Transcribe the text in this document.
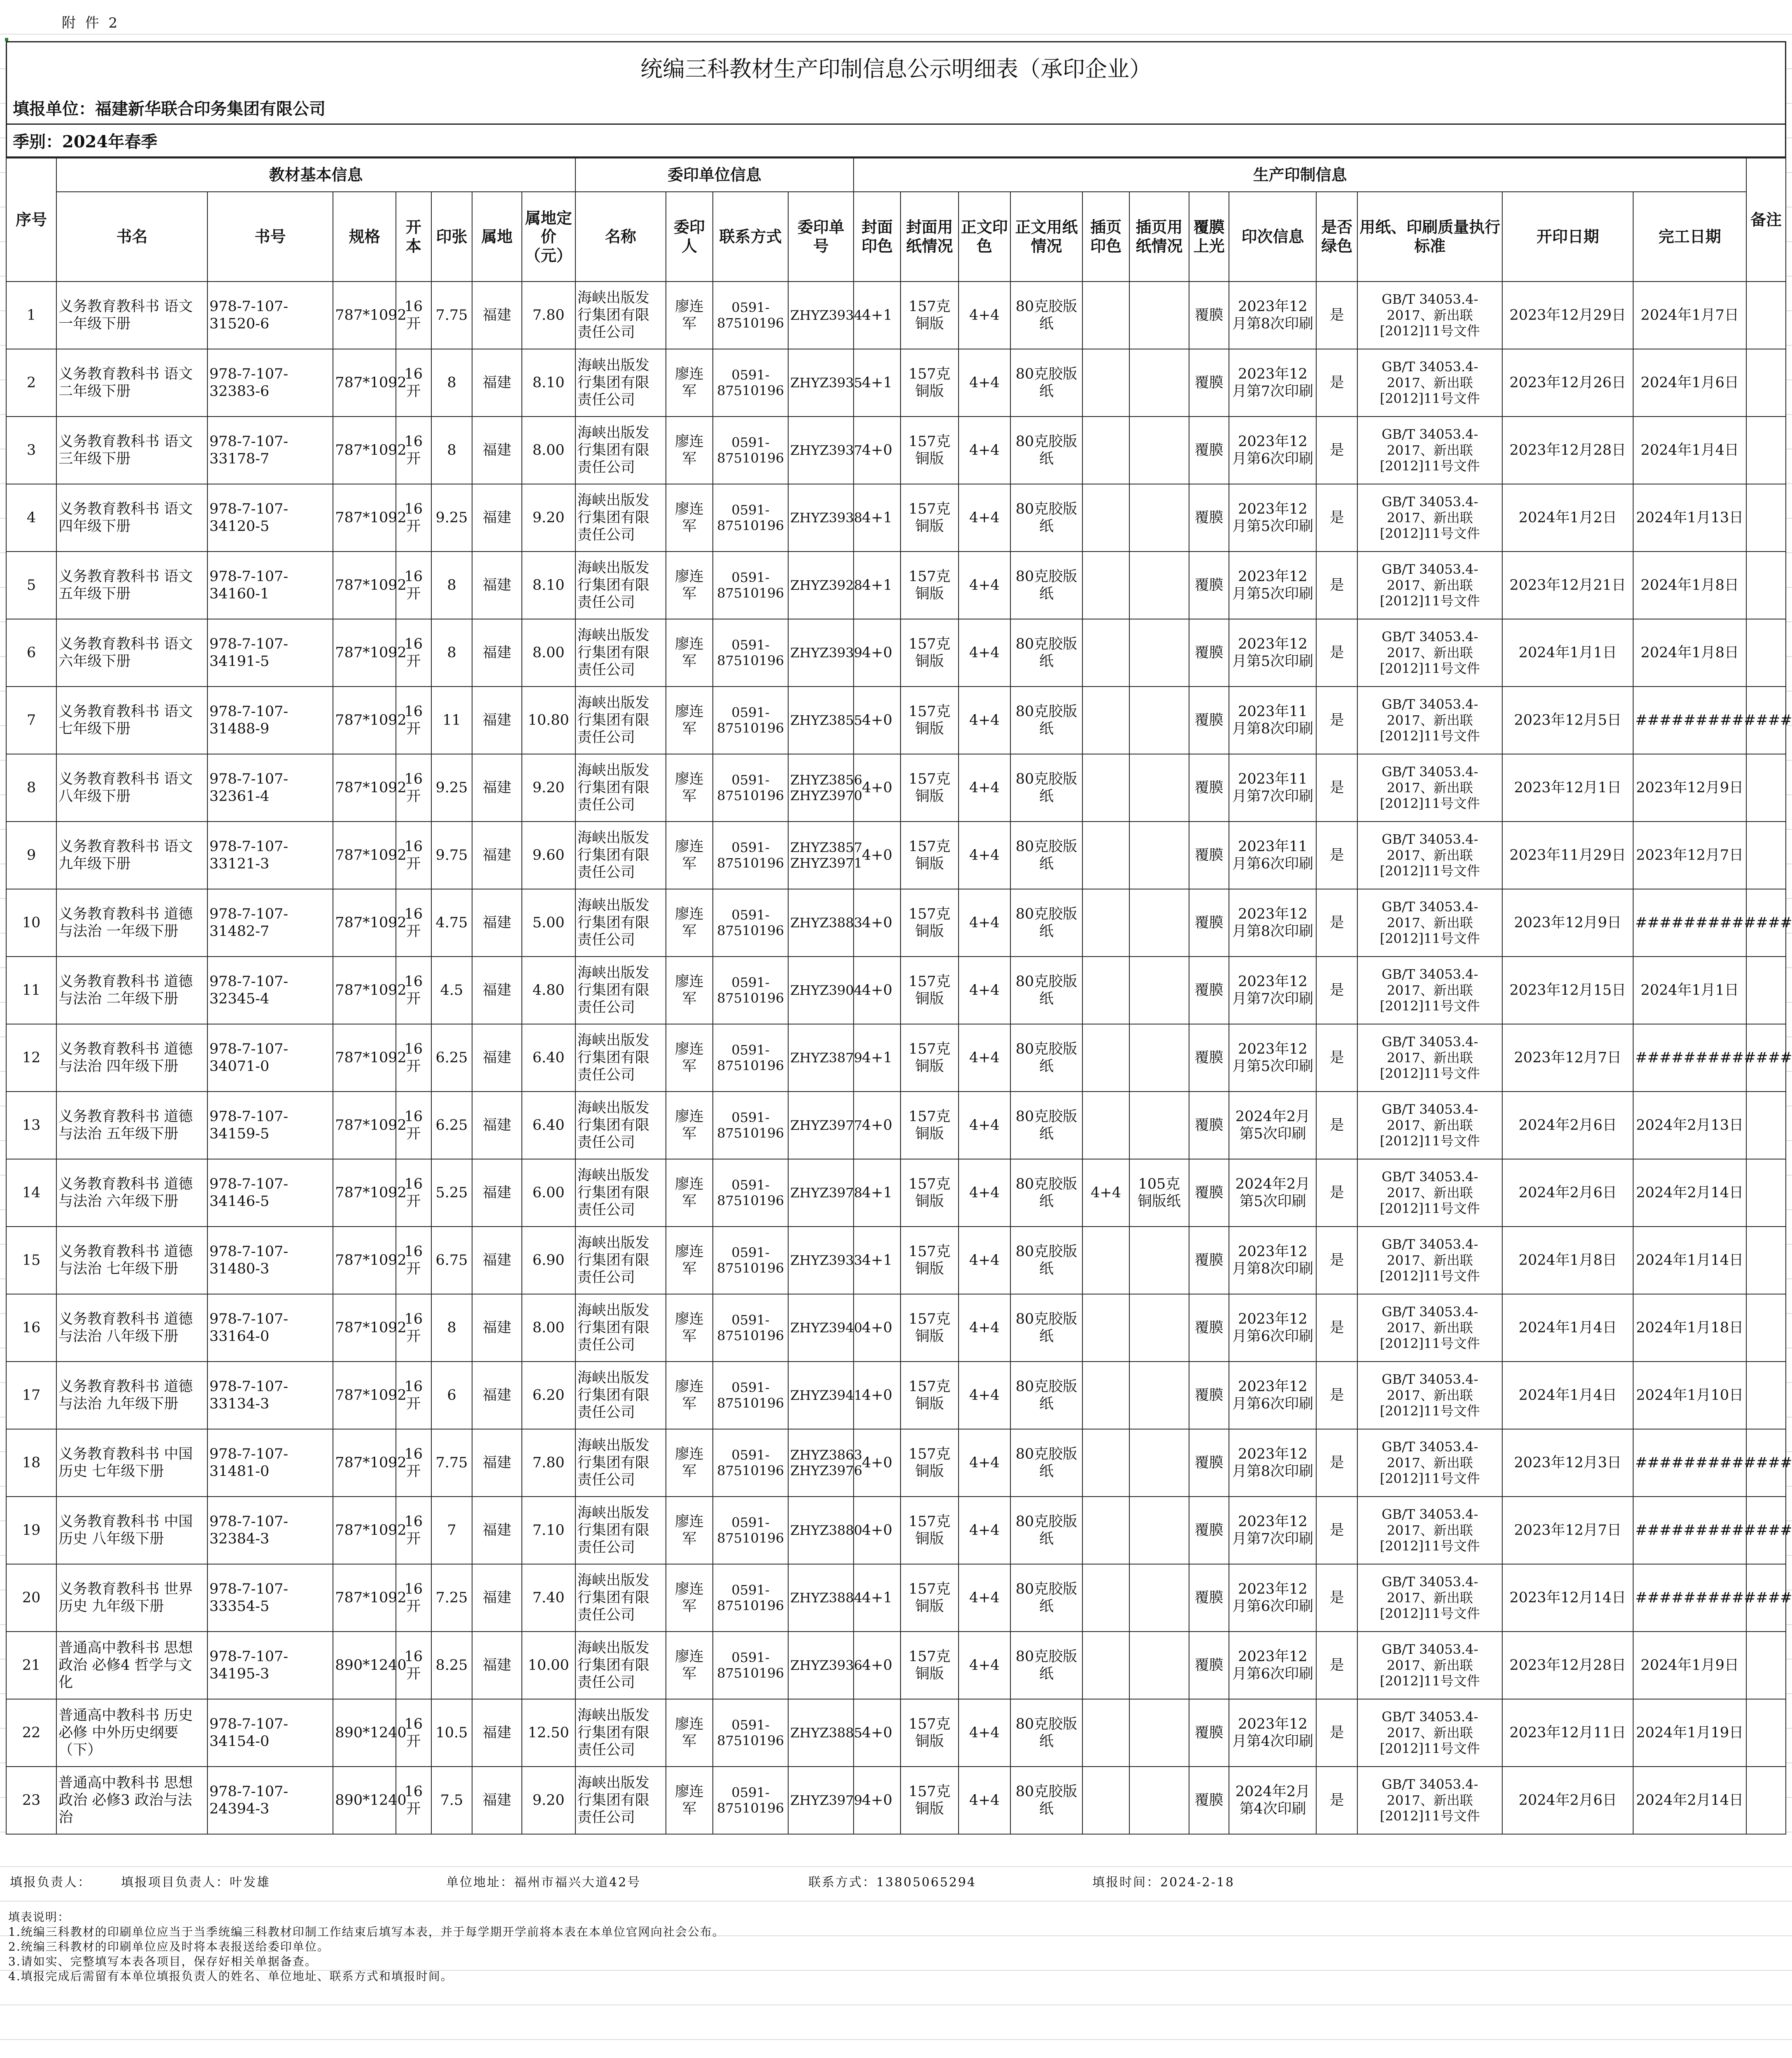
附 件 2
统编三科教材生产印制信息公示明细表（承印企业）
填报单位：福建新华联合印务集团有限公司
季别：2024年春季
序号	教材基本信息							委印单位信息				生产印制信息												备注
	书名	书号	规格	开本	印张	属地	属地定价（元）	名称	委印人	联系方式	委印单号	封面印色	封面用纸情况	正文印色	正文用纸情况	插页印色	插页用纸情况	覆膜上光	印次信息	是否绿色	用纸、印刷质量执行标准	开印日期	完工日期	
1	义务教育教科书 语文 一年级下册	978-7-107-31520-6	787*1092	16开	7.75	福建	7.80	海峡出版发行集团有限责任公司	廖连军	0591-87510196	ZHYZ3934	4+1	157克铜版	4+4	80克胶版纸			覆膜	2023年12月第8次印刷	是	GB/T 34053.4-2017、新出联[2012]11号文件	2023年12月29日	2024年1月7日	
2	义务教育教科书 语文 二年级下册	978-7-107-32383-6	787*1092	16开	8	福建	8.10	海峡出版发行集团有限责任公司	廖连军	0591-87510196	ZHYZ3935	4+1	157克铜版	4+4	80克胶版纸			覆膜	2023年12月第7次印刷	是	GB/T 34053.4-2017、新出联[2012]11号文件	2023年12月26日	2024年1月6日	
3	义务教育教科书 语文 三年级下册	978-7-107-33178-7	787*1092	16开	8	福建	8.00	海峡出版发行集团有限责任公司	廖连军	0591-87510196	ZHYZ3937	4+0	157克铜版	4+4	80克胶版纸			覆膜	2023年12月第6次印刷	是	GB/T 34053.4-2017、新出联[2012]11号文件	2023年12月28日	2024年1月4日	
4	义务教育教科书 语文 四年级下册	978-7-107-34120-5	787*1092	16开	9.25	福建	9.20	海峡出版发行集团有限责任公司	廖连军	0591-87510196	ZHYZ3938	4+1	157克铜版	4+4	80克胶版纸			覆膜	2023年12月第5次印刷	是	GB/T 34053.4-2017、新出联[2012]11号文件	2024年1月2日	2024年1月13日	
5	义务教育教科书 语文 五年级下册	978-7-107-34160-1	787*1092	16开	8	福建	8.10	海峡出版发行集团有限责任公司	廖连军	0591-87510196	ZHYZ3928	4+1	157克铜版	4+4	80克胶版纸			覆膜	2023年12月第5次印刷	是	GB/T 34053.4-2017、新出联[2012]11号文件	2023年12月21日	2024年1月8日	
6	义务教育教科书 语文 六年级下册	978-7-107-34191-5	787*1092	16开	8	福建	8.00	海峡出版发行集团有限责任公司	廖连军	0591-87510196	ZHYZ3939	4+0	157克铜版	4+4	80克胶版纸			覆膜	2023年12月第5次印刷	是	GB/T 34053.4-2017、新出联[2012]11号文件	2024年1月1日	2024年1月8日	
7	义务教育教科书 语文 七年级下册	978-7-107-31488-9	787*1092	16开	11	福建	10.80	海峡出版发行集团有限责任公司	廖连军	0591-87510196	ZHYZ3855	4+0	157克铜版	4+4	80克胶版纸			覆膜	2023年11月第8次印刷	是	GB/T 34053.4-2017、新出联[2012]11号文件	2023年12月5日	#############	
8	义务教育教科书 语文 八年级下册	978-7-107-32361-4	787*1092	16开	9.25	福建	9.20	海峡出版发行集团有限责任公司	廖连军	0591-87510196	ZHYZ3856 ZHYZ3970	4+0	157克铜版	4+4	80克胶版纸			覆膜	2023年11月第7次印刷	是	GB/T 34053.4-2017、新出联[2012]11号文件	2023年12月1日	2023年12月9日	
9	义务教育教科书 语文 九年级下册	978-7-107-33121-3	787*1092	16开	9.75	福建	9.60	海峡出版发行集团有限责任公司	廖连军	0591-87510196	ZHYZ3857 ZHYZ3971	4+0	157克铜版	4+4	80克胶版纸			覆膜	2023年11月第6次印刷	是	GB/T 34053.4-2017、新出联[2012]11号文件	2023年11月29日	2023年12月7日	
10	义务教育教科书 道德与法治 一年级下册	978-7-107-31482-7	787*1092	16开	4.75	福建	5.00	海峡出版发行集团有限责任公司	廖连军	0591-87510196	ZHYZ3883	4+0	157克铜版	4+4	80克胶版纸			覆膜	2023年12月第8次印刷	是	GB/T 34053.4-2017、新出联[2012]11号文件	2023年12月9日	#############	
11	义务教育教科书 道德与法治 二年级下册	978-7-107-32345-4	787*1092	16开	4.5	福建	4.80	海峡出版发行集团有限责任公司	廖连军	0591-87510196	ZHYZ3904	4+0	157克铜版	4+4	80克胶版纸			覆膜	2023年12月第7次印刷	是	GB/T 34053.4-2017、新出联[2012]11号文件	2023年12月15日	2024年1月1日	
12	义务教育教科书 道德与法治 四年级下册	978-7-107-34071-0	787*1092	16开	6.25	福建	6.40	海峡出版发行集团有限责任公司	廖连军	0591-87510196	ZHYZ3879	4+1	157克铜版	4+4	80克胶版纸			覆膜	2023年12月第5次印刷	是	GB/T 34053.4-2017、新出联[2012]11号文件	2023年12月7日	#############	
13	义务教育教科书 道德与法治 五年级下册	978-7-107-34159-5	787*1092	16开	6.25	福建	6.40	海峡出版发行集团有限责任公司	廖连军	0591-87510196	ZHYZ3977	4+0	157克铜版	4+4	80克胶版纸			覆膜	2024年2月第5次印刷	是	GB/T 34053.4-2017、新出联[2012]11号文件	2024年2月6日	2024年2月13日	
14	义务教育教科书 道德与法治 六年级下册	978-7-107-34146-5	787*1092	16开	5.25	福建	6.00	海峡出版发行集团有限责任公司	廖连军	0591-87510196	ZHYZ3978	4+1	157克铜版	4+4	80克胶版纸	4+4	105克铜版纸	覆膜	2024年2月第5次印刷	是	GB/T 34053.4-2017、新出联[2012]11号文件	2024年2月6日	2024年2月14日	
15	义务教育教科书 道德与法治 七年级下册	978-7-107-31480-3	787*1092	16开	6.75	福建	6.90	海峡出版发行集团有限责任公司	廖连军	0591-87510196	ZHYZ3933	4+1	157克铜版	4+4	80克胶版纸			覆膜	2023年12月第8次印刷	是	GB/T 34053.4-2017、新出联[2012]11号文件	2024年1月8日	2024年1月14日	
16	义务教育教科书 道德与法治 八年级下册	978-7-107-33164-0	787*1092	16开	8	福建	8.00	海峡出版发行集团有限责任公司	廖连军	0591-87510196	ZHYZ3940	4+0	157克铜版	4+4	80克胶版纸			覆膜	2023年12月第6次印刷	是	GB/T 34053.4-2017、新出联[2012]11号文件	2024年1月4日	2024年1月18日	
17	义务教育教科书 道德与法治 九年级下册	978-7-107-33134-3	787*1092	16开	6	福建	6.20	海峡出版发行集团有限责任公司	廖连军	0591-87510196	ZHYZ3941	4+0	157克铜版	4+4	80克胶版纸			覆膜	2023年12月第6次印刷	是	GB/T 34053.4-2017、新出联[2012]11号文件	2024年1月4日	2024年1月10日	
18	义务教育教科书 中国历史 七年级下册	978-7-107-31481-0	787*1092	16开	7.75	福建	7.80	海峡出版发行集团有限责任公司	廖连军	0591-87510196	ZHYZ3863 ZHYZ3976	4+0	157克铜版	4+4	80克胶版纸			覆膜	2023年12月第8次印刷	是	GB/T 34053.4-2017、新出联[2012]11号文件	2023年12月3日	#############	
19	义务教育教科书 中国历史 八年级下册	978-7-107-32384-3	787*1092	16开	7	福建	7.10	海峡出版发行集团有限责任公司	廖连军	0591-87510196	ZHYZ3880	4+0	157克铜版	4+4	80克胶版纸			覆膜	2023年12月第7次印刷	是	GB/T 34053.4-2017、新出联[2012]11号文件	2023年12月7日	#############	
20	义务教育教科书 世界历史 九年级下册	978-7-107-33354-5	787*1092	16开	7.25	福建	7.40	海峡出版发行集团有限责任公司	廖连军	0591-87510196	ZHYZ3884	4+1	157克铜版	4+4	80克胶版纸			覆膜	2023年12月第6次印刷	是	GB/T 34053.4-2017、新出联[2012]11号文件	2023年12月14日	#############	
21	普通高中教科书 思想政治 必修4 哲学与文化	978-7-107-34195-3	890*1240	16开	8.25	福建	10.00	海峡出版发行集团有限责任公司	廖连军	0591-87510196	ZHYZ3936	4+0	157克铜版	4+4	80克胶版纸			覆膜	2023年12月第6次印刷	是	GB/T 34053.4-2017、新出联[2012]11号文件	2023年12月28日	2024年1月9日	
22	普通高中教科书 历史 必修 中外历史纲要（下）	978-7-107-34154-0	890*1240	16开	10.5	福建	12.50	海峡出版发行集团有限责任公司	廖连军	0591-87510196	ZHYZ3885	4+0	157克铜版	4+4	80克胶版纸			覆膜	2023年12月第4次印刷	是	GB/T 34053.4-2017、新出联[2012]11号文件	2023年12月11日	2024年1月19日	
23	普通高中教科书 思想政治 必修3 政治与法治	978-7-107-24394-3	890*1240	16开	7.5	福建	9.20	海峡出版发行集团有限责任公司	廖连军	0591-87510196	ZHYZ3979	4+0	157克铜版	4+4	80克胶版纸			覆膜	2024年2月第4次印刷	是	GB/T 34053.4-2017、新出联[2012]11号文件	2024年2月6日	2024年2月14日	
填报负责人： 填报项目负责人：叶发雄	单位地址：福州市福兴大道42号	联系方式：13805065294	填报时间：2024-2-18
填表说明：
1.统编三科教材的印刷单位应当于当季统编三科教材印制工作结束后填写本表，并于每学期开学前将本表在本单位官网向社会公布。
2.统编三科教材的印刷单位应及时将本表报送给委印单位。
3.请如实、完整填写本表各项目，保存好相关单据备查。
4.填报完成后需留有本单位填报负责人的姓名、单位地址、联系方式和填报时间。
